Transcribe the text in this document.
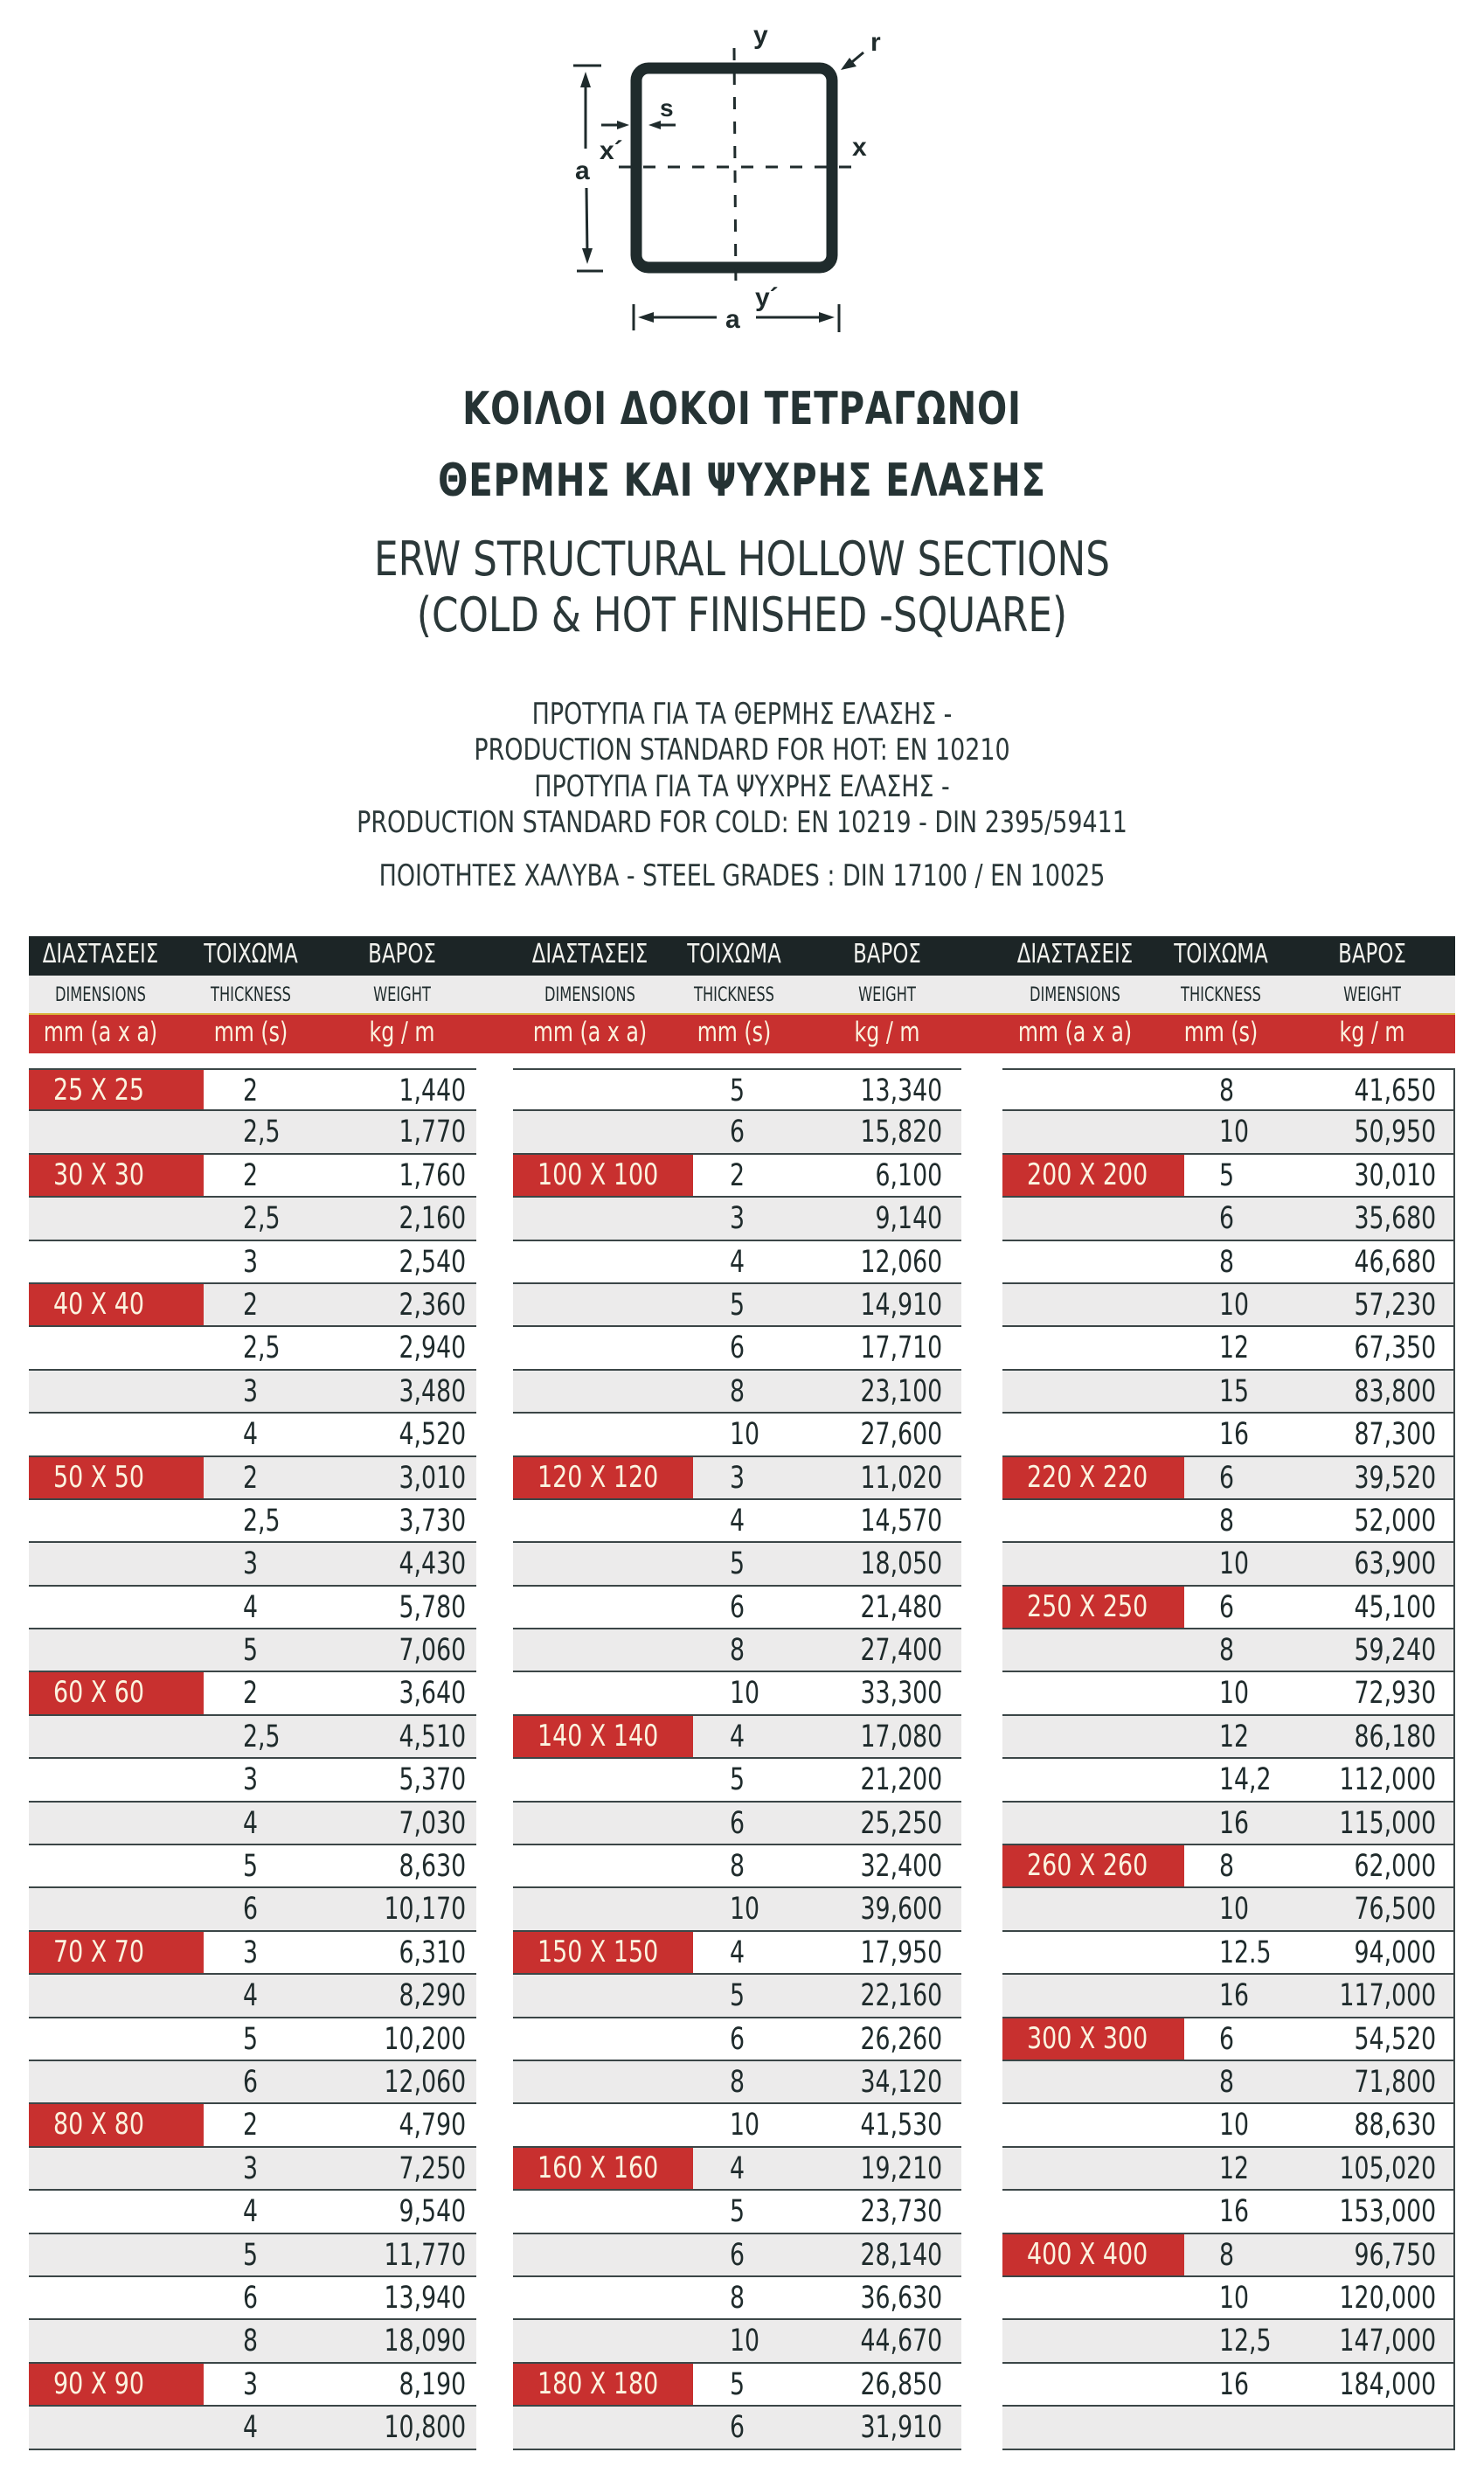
a
a
s
r
y
y´
x´	x
ΚΟΙΛΟΙ ΔΟΚΟΙ ΤΕΤΡΑΓΩΝΟΙ
ΘΕΡΜΗΣ ΚΑΙ ΨΥΧΡΗΣ ΕΛΑΣΗΣ
ERW STRUCTURAL HOLLOW SECTIONS
(COLD & HOT FINISHED -SQUARE)
ΠΡΟΤΥΠΑ ΓΙΑ ΤΑ ΘΕΡΜΗΣ ΕΛΑΣΗΣ -
PRODUCTION STANDARD FOR HOT: EN 10210
ΠΡΟΤΥΠΑ ΓΙΑ ΤΑ ΨΥΧΡΗΣ ΕΛΑΣΗΣ -
PRODUCTION STANDARD FOR COLD: EN 10219 - DIN 2395/59411
ΠΟΙΟΤΗΤΕΣ ΧΑΛΥΒΑ - STEEL GRADES : DIN 17100 / EN 10025
ΔΙΑΣΤΑΣΕΙΣ	ΤΟΙΧΩΜΑ	ΒΑΡΟΣ
DIMENSIONS	THICKNESS	WEIGHT
mm (a x a)	mm (s)	kg / m
ΔΙΑΣΤΑΣΕΙΣ	ΤΟΙΧΩΜΑ	ΒΑΡΟΣ
DIMENSIONS	THICKNESS	WEIGHT
mm (a x a)	mm (s)	kg / m
ΔΙΑΣΤΑΣΕΙΣ	ΤΟΙΧΩΜΑ	ΒΑΡΟΣ
DIMENSIONS	THICKNESS	WEIGHT
mm (a x a)	mm (s)	kg / m
25 X 25	2	1,440
2,5	1,770
30 X 30	2	1,760
2,5	2,160
3	2,540
40 X 40	2	2,360
2,5	2,940
3	3,480
4	4,520
50 X 50	2	3,010
2,5	3,730
3	4,430
4	5,780
5	7,060
60 X 60	2	3,640
2,5	4,510
3	5,370
4	7,030
5	8,630
6	10,170
70 X 70	3	6,310
4	8,290
5	10,200
6	12,060
80 X 80	2	4,790
3	7,250
4	9,540
5	11,770
6	13,940
8	18,090
90 X 90	3	8,190
4	10,800
5	13,340
6	15,820
100 X 100	2	6,100
3	9,140
4	12,060
5	14,910
6	17,710
8	23,100
10	27,600
120 X 120	3	11,020
4	14,570
5	18,050
6	21,480
8	27,400
10	33,300
140 X 140	4	17,080
5	21,200
6	25,250
8	32,400
10	39,600
150 X 150	4	17,950
5	22,160
6	26,260
8	34,120
10	41,530
160 X 160	4	19,210
5	23,730
6	28,140
8	36,630
10	44,670
180 X 180	5	26,850
6	31,910
8	41,650
10	50,950
200 X 200	5	30,010
6	35,680
8	46,680
10	57,230
12	67,350
15	83,800
16	87,300
220 X 220	6	39,520
8	52,000
10	63,900
250 X 250	6	45,100
8	59,240
10	72,930
12	86,180
14,2	112,000
16	115,000
260 X 260	8	62,000
10	76,500
12.5	94,000
16	117,000
300 X 300	6	54,520
8	71,800
10	88,630
12	105,020
16	153,000
400 X 400	8	96,750
10	120,000
12,5	147,000
16	184,000
